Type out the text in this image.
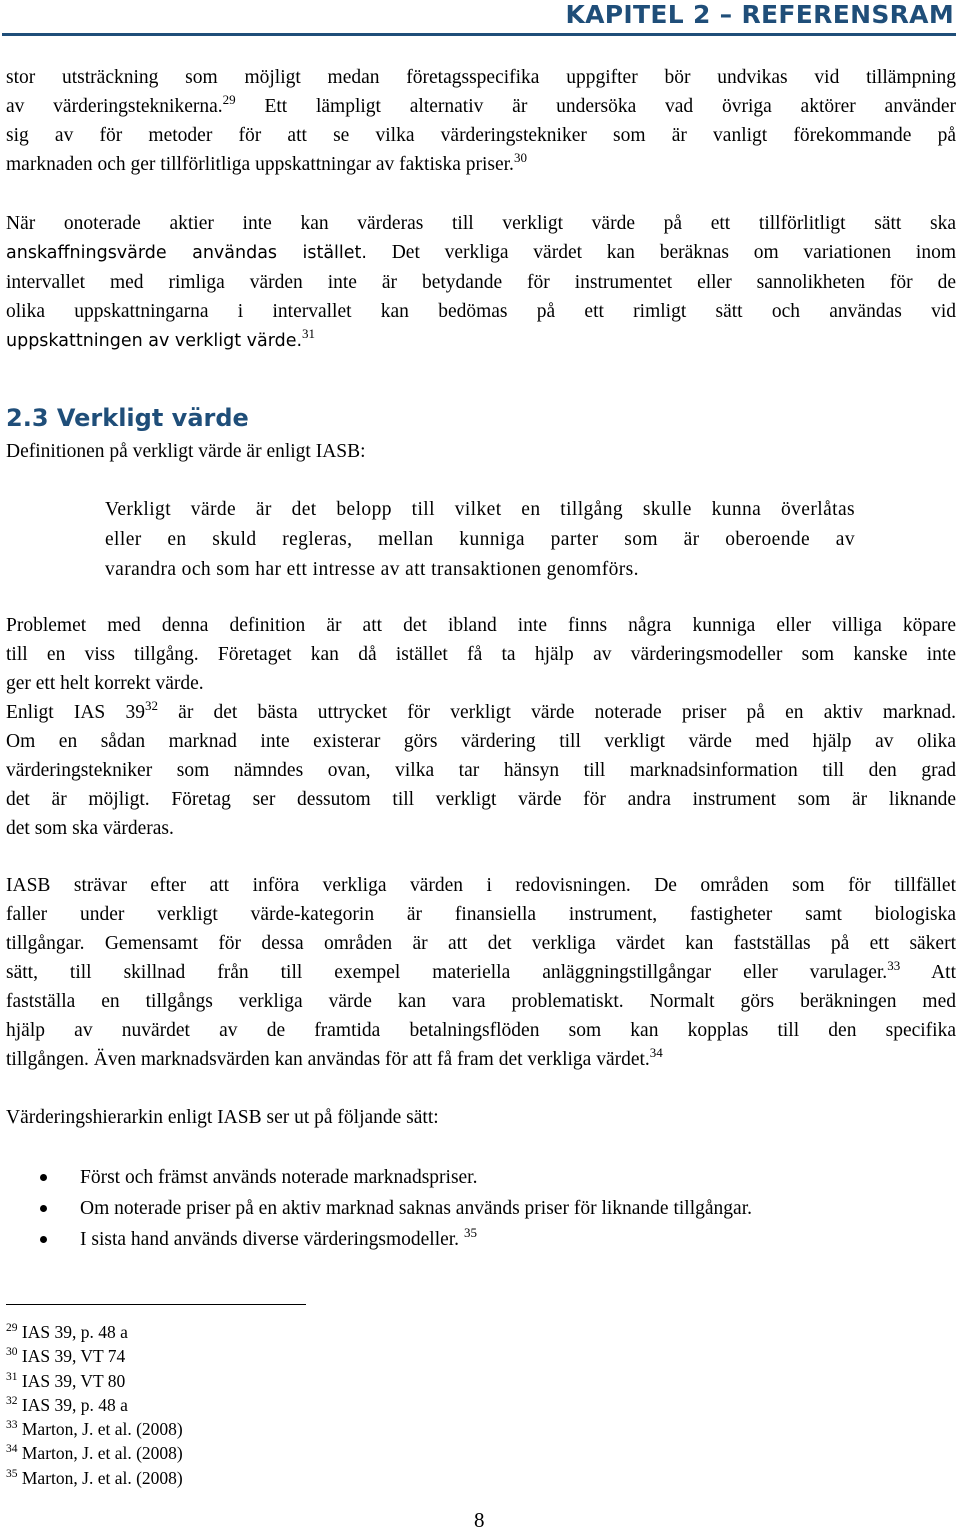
KAPITEL 2 – REFERENSRAM
stor utsträckning som möjligt medan företagsspecifika uppgifter bör undvikas vid tillämpning
av värderingsteknikerna.$^{29}$ Ett lämpligt alternativ är undersöka vad övriga aktörer använder
sig av för metoder för att se vilka värderingstekniker som är vanligt förekommande på
marknaden och ger tillförlitliga uppskattningar av faktiska priser.$^{30}$
När onoterade aktier inte kan värderas till verkligt värde på ett tillförlitligt sätt ska
anskaffningsvärde användas istället. Det verkliga värdet kan beräknas om variationen inom
intervallet med rimliga värden inte är betydande för instrumentet eller sannolikheten för de
olika uppskattningarna i intervallet kan bedömas på ett rimligt sätt och användas vid
uppskattningen av verkligt värde.$^{31}$
2.3 Verkligt värde
Definitionen på verkligt värde är enligt IASB:
Verkligt värde är det belopp till vilket en tillgång skulle kunna överlåtas
eller en skuld regleras, mellan kunniga parter som är oberoende av
varandra och som har ett intresse av att transaktionen genomförs.
Problemet med denna definition är att det ibland inte finns några kunniga eller villiga köpare
till en viss tillgång. Företaget kan då istället få ta hjälp av värderingsmodeller som kanske inte
ger ett helt korrekt värde.
Enligt IAS $39^{32}$ är det bästa uttrycket för verkligt värde noterade priser på en aktiv marknad.
Om en sådan marknad inte existerar görs värdering till verkligt värde med hjälp av olika
värderingstekniker som nämndes ovan, vilka tar hänsyn till marknadsinformation till den grad
det är möjligt. Företag ser dessutom till verkligt värde för andra instrument som är liknande
det som ska värderas.
IASB strävar efter att införa verkliga värden i redovisningen. De områden som för tillfället
faller under verkligt värde-kategorin är finansiella instrument, fastigheter samt biologiska
tillgångar. Gemensamt för dessa områden är att det verkliga värdet kan fastställas på ett säkert
sätt, till skillnad från till exempel materiella anläggningstillgångar eller varulager.$^{33}$ Att
fastställa en tillgångs verkliga värde kan vara problematiskt. Normalt görs beräkningen med
hjälp av nuvärdet av de framtida betalningsflöden som kan kopplas till den specifika
tillgången. Även marknadsvärden kan användas för att få fram det verkliga värdet.$^{34}$
Värderingshierarkin enligt IASB ser ut på följande sätt:
Först och främst används noterade marknadspriser.
Om noterade priser på en aktiv marknad saknas används priser för liknande tillgångar.
I sista hand används diverse värderingsmodeller. $^{35}$
$^{29}$ IAS 39, p. 48 a
$^{30}$ IAS 39, VT 74
$^{31}$ IAS 39, VT 80
$^{32}$ IAS 39, p. 48 a
$^{33}$ Marton, J. et al. (2008)
$^{34}$ Marton, J. et al. (2008)
$^{35}$ Marton, J. et al. (2008)
8
